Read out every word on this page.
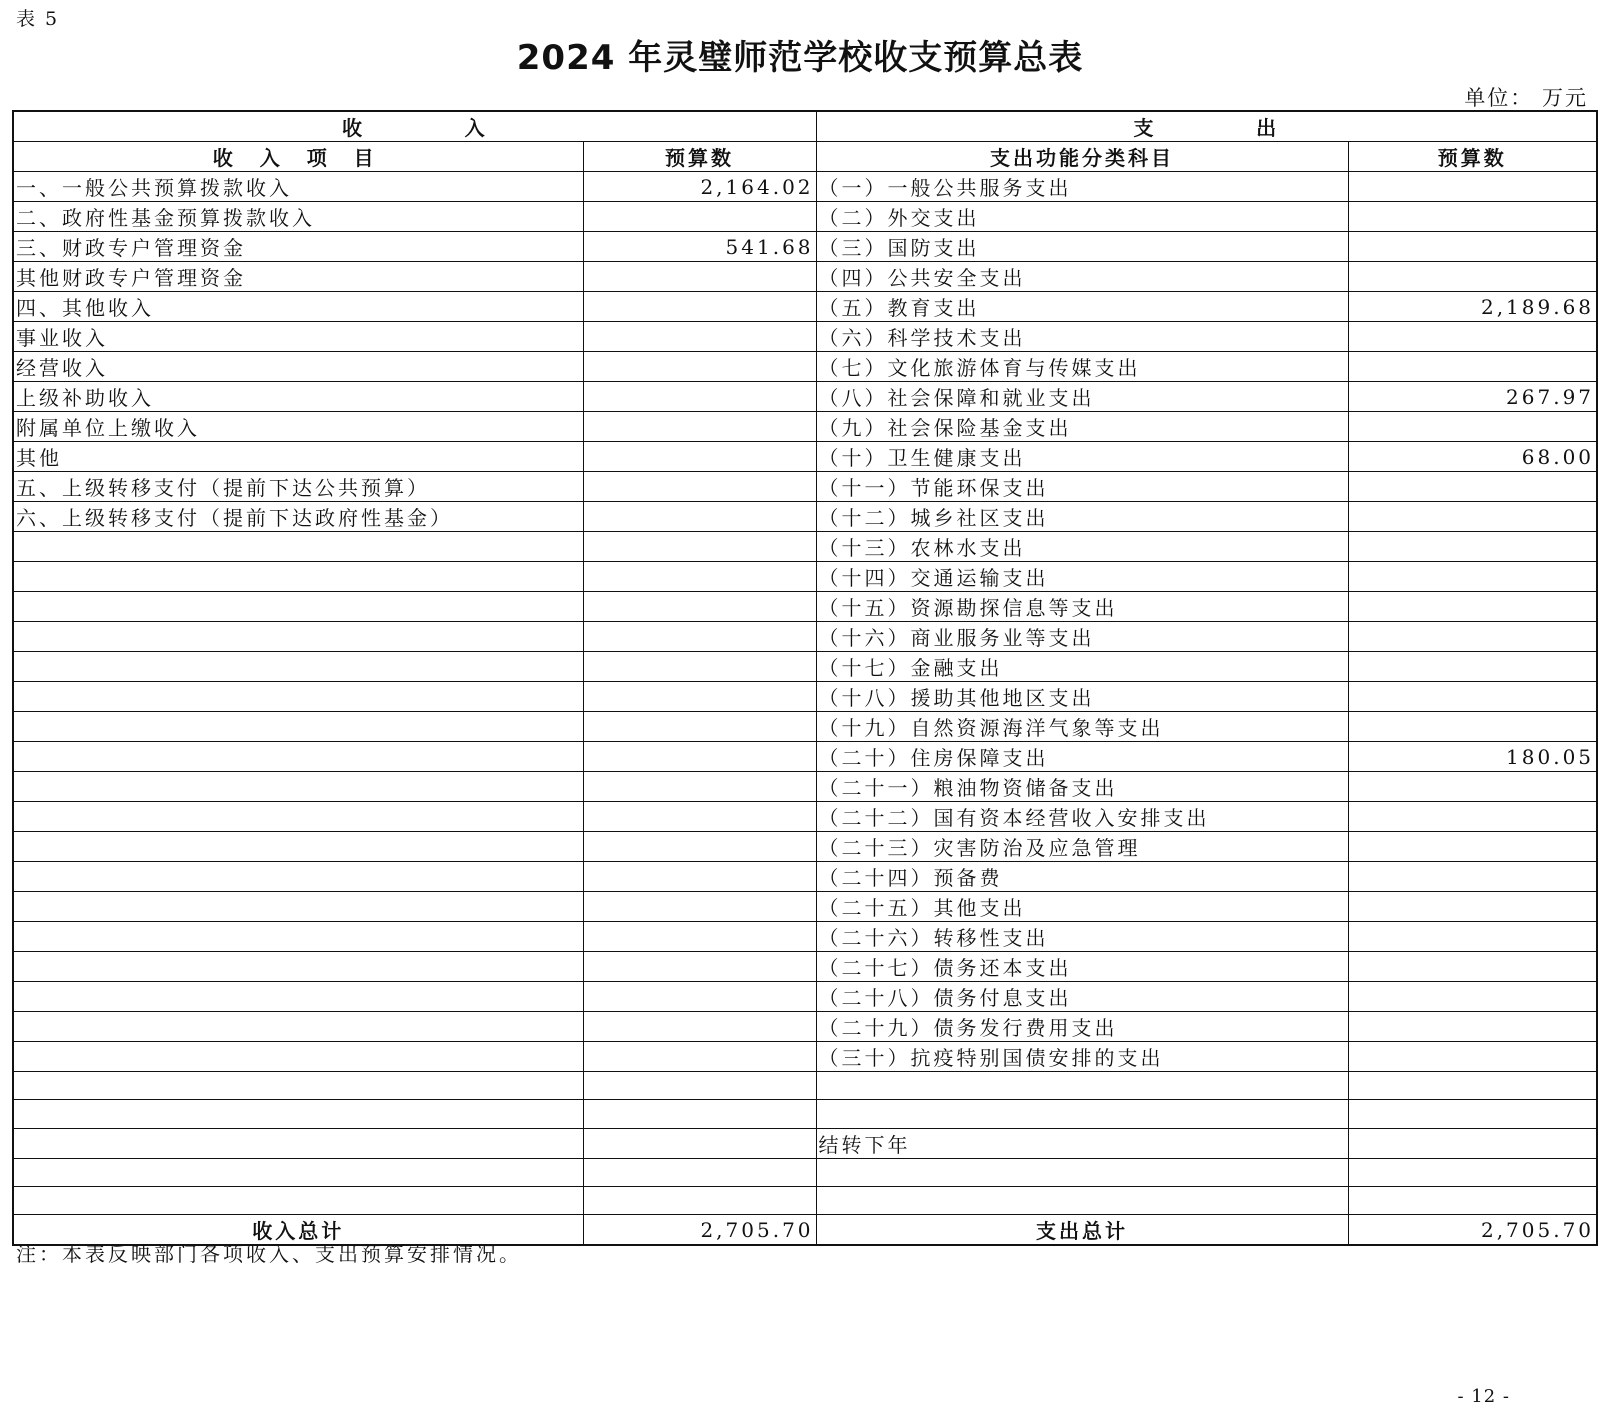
表 5
2024 年灵璧师范学校收支预算总表
单位： 万元
收          入		支          出	
收 入 项 目	预算数	支出功能分类科目	预算数
一、一般公共预算拨款收入	2,164.02	（一）一般公共服务支出	
二、政府性基金预算拨款收入		（二）外交支出	
三、财政专户管理资金	541.68	（三）国防支出	
其他财政专户管理资金		（四）公共安全支出	
四、其他收入		（五）教育支出	2,189.68
事业收入		（六）科学技术支出	
经营收入		（七）文化旅游体育与传媒支出	
上级补助收入		（八）社会保障和就业支出	267.97
附属单位上缴收入		（九）社会保险基金支出	
其他		（十）卫生健康支出	68.00
五、上级转移支付（提前下达公共预算）		（十一）节能环保支出	
六、上级转移支付（提前下达政府性基金）		（十二）城乡社区支出	
		（十三）农林水支出	
		（十四）交通运输支出	
		（十五）资源勘探信息等支出	
		（十六）商业服务业等支出	
		（十七）金融支出	
		（十八）援助其他地区支出	
		（十九）自然资源海洋气象等支出	
		（二十）住房保障支出	180.05
		（二十一）粮油物资储备支出	
		（二十二）国有资本经营收入安排支出	
		（二十三）灾害防治及应急管理	
		（二十四）预备费	
		（二十五）其他支出	
		（二十六）转移性支出	
		（二十七）债务还本支出	
		（二十八）债务付息支出	
		（二十九）债务发行费用支出	
		（三十）抗疫特别国债安排的支出	

		结转下年	

收入总计	2,705.70	支出总计	2,705.70
注：本表反映部门各项收入、支出预算安排情况。
- 12 -
